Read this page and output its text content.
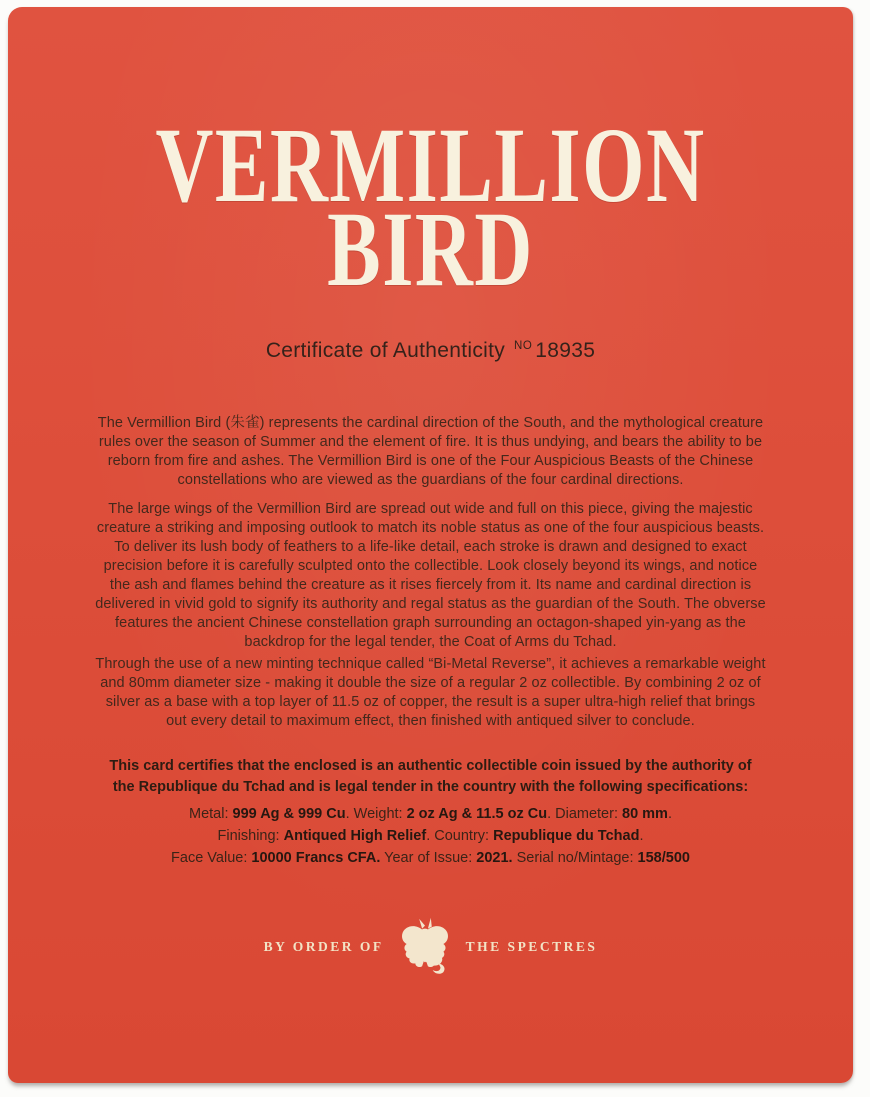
VERMILLION
BIRD
Certificate of Authenticity NO 18935

The Vermillion Bird (朱雀) represents the cardinal direction of the South, and the mythological creature rules over the season of Summer and the element of fire. It is thus undying, and bears the ability to be reborn from fire and ashes. The Vermillion Bird is one of the Four Auspicious Beasts of the Chinese constellations who are viewed as the guardians of the four cardinal directions.

The large wings of the Vermillion Bird are spread out wide and full on this piece, giving the majestic creature a striking and imposing outlook to match its noble status as one of the four auspicious beasts. To deliver its lush body of feathers to a life-like detail, each stroke is drawn and designed to exact precision before it is carefully sculpted onto the collectible. Look closely beyond its wings, and notice the ash and flames behind the creature as it rises fiercely from it. Its name and cardinal direction is delivered in vivid gold to signify its authority and regal status as the guardian of the South. The obverse features the ancient Chinese constellation graph surrounding an octagon-shaped yin-yang as the backdrop for the legal tender, the Coat of Arms du Tchad.

Through the use of a new minting technique called “Bi-Metal Reverse”, it achieves a remarkable weight and 80mm diameter size - making it double the size of a regular 2 oz collectible. By combining 2 oz of silver as a base with a top layer of 11.5 oz of copper, the result is a super ultra-high relief that brings out every detail to maximum effect, then finished with antiqued silver to conclude.

This card certifies that the enclosed is an authentic collectible coin issued by the authority of the Republique du Tchad and is legal tender in the country with the following specifications:

Metal: 999 Ag & 999 Cu. Weight: 2 oz Ag & 11.5 oz Cu. Diameter: 80 mm.
Finishing: Antiqued High Relief. Country: Republique du Tchad.
Face Value: 10000 Francs CFA. Year of Issue: 2021. Serial no/Mintage: 158/500
BY ORDER OF	THE SPECTRES
